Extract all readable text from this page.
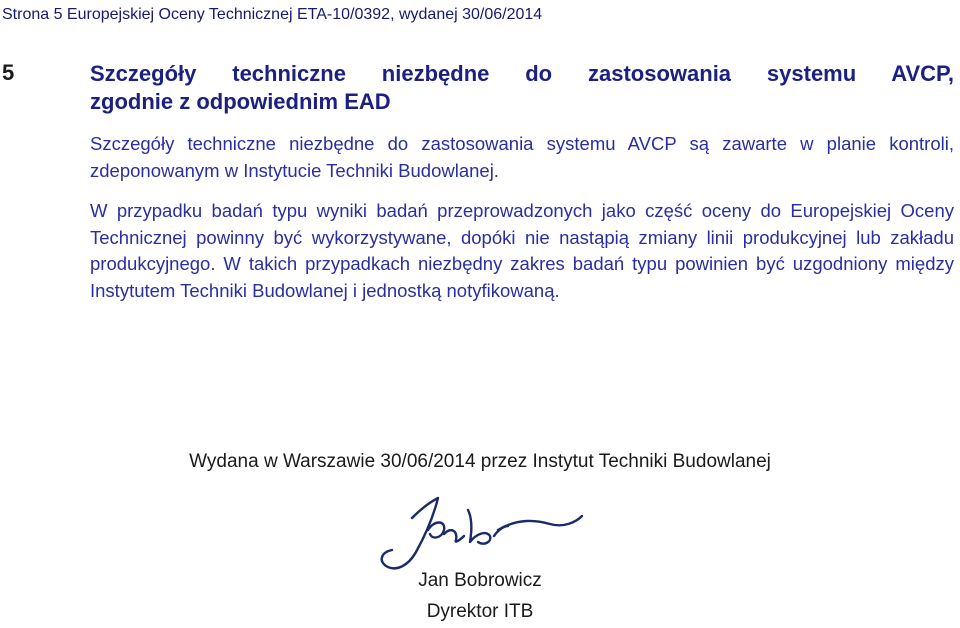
Strona 5 Europejskiej Oceny Technicznej ETA-10/0392, wydanej 30/06/2014
5	Szczegóły techniczne niezbędne do zastosowania systemu AVCP,
zgodnie z odpowiednim EAD
Szczegóły techniczne niezbędne do zastosowania systemu AVCP są zawarte w planie kontroli, zdeponowanym w Instytucie Techniki Budowlanej.
W przypadku badań typu wyniki badań przeprowadzonych jako część oceny do Europejskiej Oceny Technicznej powinny być wykorzystywane, dopóki nie nastąpią zmiany linii produkcyjnej lub zakładu produkcyjnego. W takich przypadkach niezbędny zakres badań typu powinien być uzgodniony między Instytutem Techniki Budowlanej i jednostką notyfikowaną.
Wydana w Warszawie 30/06/2014 przez Instytut Techniki Budowlanej
Jan Bobrowicz
Dyrektor ITB
